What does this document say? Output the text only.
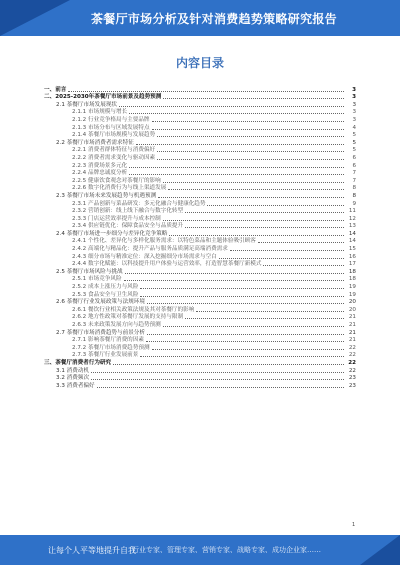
茶餐厅市场分析及针对消费趋势策略研究报告
内容目录
一、前言	3
二、2025-2030年茶餐厅市场前景及趋势预测	3
2.1 茶餐厅市场发展现状	3
2.1.1 市场规模与增长	3
2.1.2 行业竞争格局与主要品牌	3
2.1.3 市场分布与区域发展特点	4
2.1.4 茶餐厅市场规模与发展趋势	5
2.2 茶餐厅市场消费者需求特征	5
2.2.1 消费者群体特征与消费偏好	5
2.2.2 消费者需求变化与驱动因素	6
2.2.3 消费场景多元化	6
2.2.4 品牌忠诚度分析	7
2.2.5 健康饮食观念对茶餐厅的影响	7
2.2.6 数字化消费行为与线上渠道发展	8
2.3 茶餐厅市场未来发展趋势与机遇预测	8
2.3.1 产品创新与菜品研发：多元化融合与健康化趋势	9
2.3.2 营销创新：线上线下融合与数字化转型	11
2.3.3 门店运营效率提升与成本控制	12
2.3.4 供应链优化：保障食品安全与品质提升	13
2.4 茶餐厅市场进一步细分与差异化竞争策略	14
2.4.1 个性化、差异化与多样化服务需求：以特色菜品和主题体验吸引顾客	14
2.4.2 高端化与精品化：提升产品与服务品质满足高端消费需求	15
2.4.3 细分市场与精准定位：深入挖掘细分市场需求与空白	16
2.4.4 数字化赋能：以科技提升用户体验与运营效率，打造智慧茶餐厅新模式	17
2.5 茶餐厅市场风险与挑战	18
2.5.1 市场竞争风险	18
2.5.2 成本上涨压力与风险	19
2.5.3 食品安全与卫生风险	19
2.6 茶餐厅行业发展政策与法规环境	20
2.6.1 餐饮行业相关政策法规及其对茶餐厅的影响	20
2.6.2 地方性政策对茶餐厅发展的支持与限制	21
2.6.3 未来政策发展方向与趋势预测	21
2.7 茶餐厅市场消费趋势与前景分析	21
2.7.1 影响茶餐厅消费的因素	21
2.7.2 茶餐厅市场消费趋势预测	22
2.7.3 茶餐厅行业发展前景	22
三、茶餐厅消费者行为研究	22
3.1 消费动机	22
3.2 消费频次	23
3.3 消费者偏好	23
1
让每个人平等地提升自我
行业专家、管理专家、营销专家、战略专家、成功企业家……
